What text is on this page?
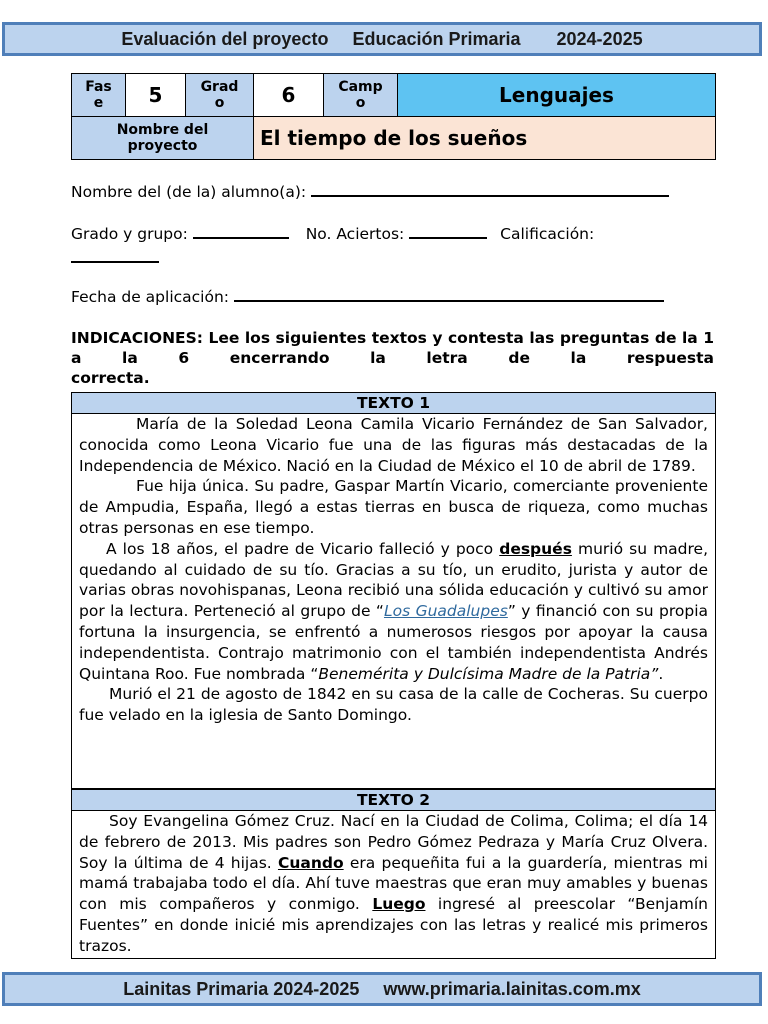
Evaluación del proyecto Educación Primaria 2024-2025
Fas e	5	Grad o	6	Camp o	Lenguajes

Nombre del proyecto			El tiempo de los sueños		
Nombre del (de la) alumno(a):
Grado y grupo:	No. Aciertos:	Calificación:
Fecha de aplicación:
INDICACIONES: Lee los siguientes textos y contesta las preguntas de la 1 a la 6 encerrando la letra de la respuesta
correcta.
TEXTO 1

María de la Soledad Leona Camila Vicario Fernández de San Salvador, conocida como Leona Vicario fue una de las figuras más destacadas de la Independencia de México. Nació en la Ciudad de México el 10 de abril de 1789.

Fue hija única. Su padre, Gaspar Martín Vicario, comerciante proveniente de Ampudia, España, llegó a estas tierras en busca de riqueza, como muchas otras personas en ese tiempo.

A los 18 años, el padre de Vicario falleció y poco después murió su madre, quedando al cuidado de su tío. Gracias a su tío, un erudito, jurista y autor de varias obras novohispanas, Leona recibió una sólida educación y cultivó su amor por la lectura. Perteneció al grupo de “Los Guadalupes” y financió con su propia fortuna la insurgencia, se enfrentó a numerosos riesgos por apoyar la causa independentista. Contrajo matrimonio con el también independentista Andrés Quintana Roo. Fue nombrada “Benemérita y Dulcísima Madre de la Patria”.

Murió el 21 de agosto de 1842 en su casa de la calle de Cocheras. Su cuerpo fue velado en la iglesia de Santo Domingo.

TEXTO 2

Soy Evangelina Gómez Cruz. Nací en la Ciudad de Colima, Colima; el día 14 de febrero de 2013. Mis padres son Pedro Gómez Pedraza y María Cruz Olvera. Soy la última de 4 hijas. Cuando era pequeñita fui a la guardería, mientras mi mamá trabajaba todo el día. Ahí tuve maestras que eran muy amables y buenas con mis compañeros y conmigo. Luego ingresé al preescolar “Benjamín Fuentes” en donde inicié mis aprendizajes con las letras y realicé mis primeros trazos.

Lainitas Primaria 2024-2025 www.primaria.lainitas.com.mx
